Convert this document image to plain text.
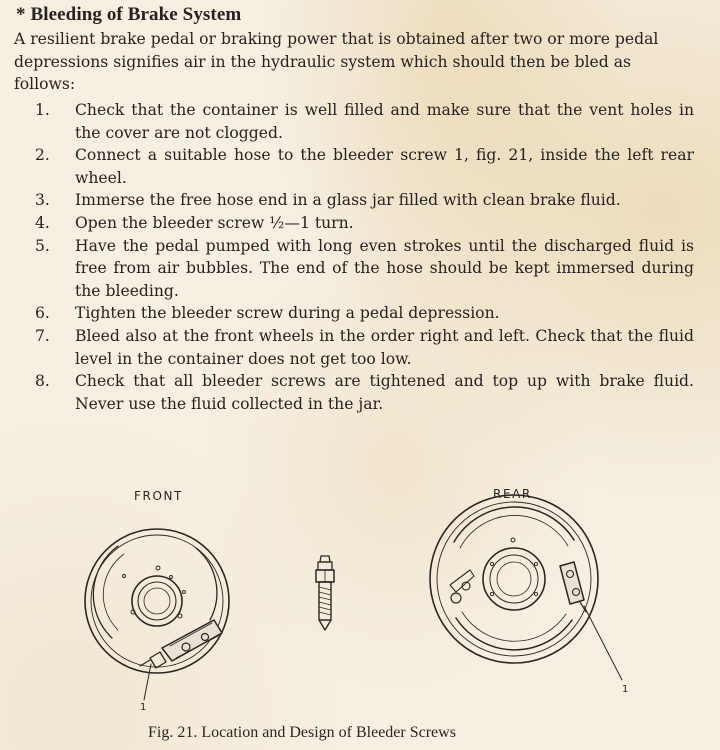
* Bleeding of Brake System
A resilient brake pedal or braking power that is obtained after two or more pedal depressions signifies air in the hydraulic system which should then be bled as follows:
1. Check that the container is well filled and make sure that the vent holes in the cover are not clogged.
2. Connect a suitable hose to the bleeder screw 1, fig. 21, inside the left rear wheel.
3. Immerse the free hose end in a glass jar filled with clean brake fluid.
4. Open the bleeder screw ½—1 turn.
5. Have the pedal pumped with long even strokes until the discharged fluid is free from air bubbles. The end of the hose should be kept immersed during the bleeding.
6. Tighten the bleeder screw during a pedal depression.
7. Bleed also at the front wheels in the order right and left. Check that the fluid level in the container does not get too low.
8. Check that all bleeder screws are tightened and top up with brake fluid. Never use the fluid collected in the jar.
FRONT	REAR
1
1
Fig. 21. Location and Design of Bleeder Screws
